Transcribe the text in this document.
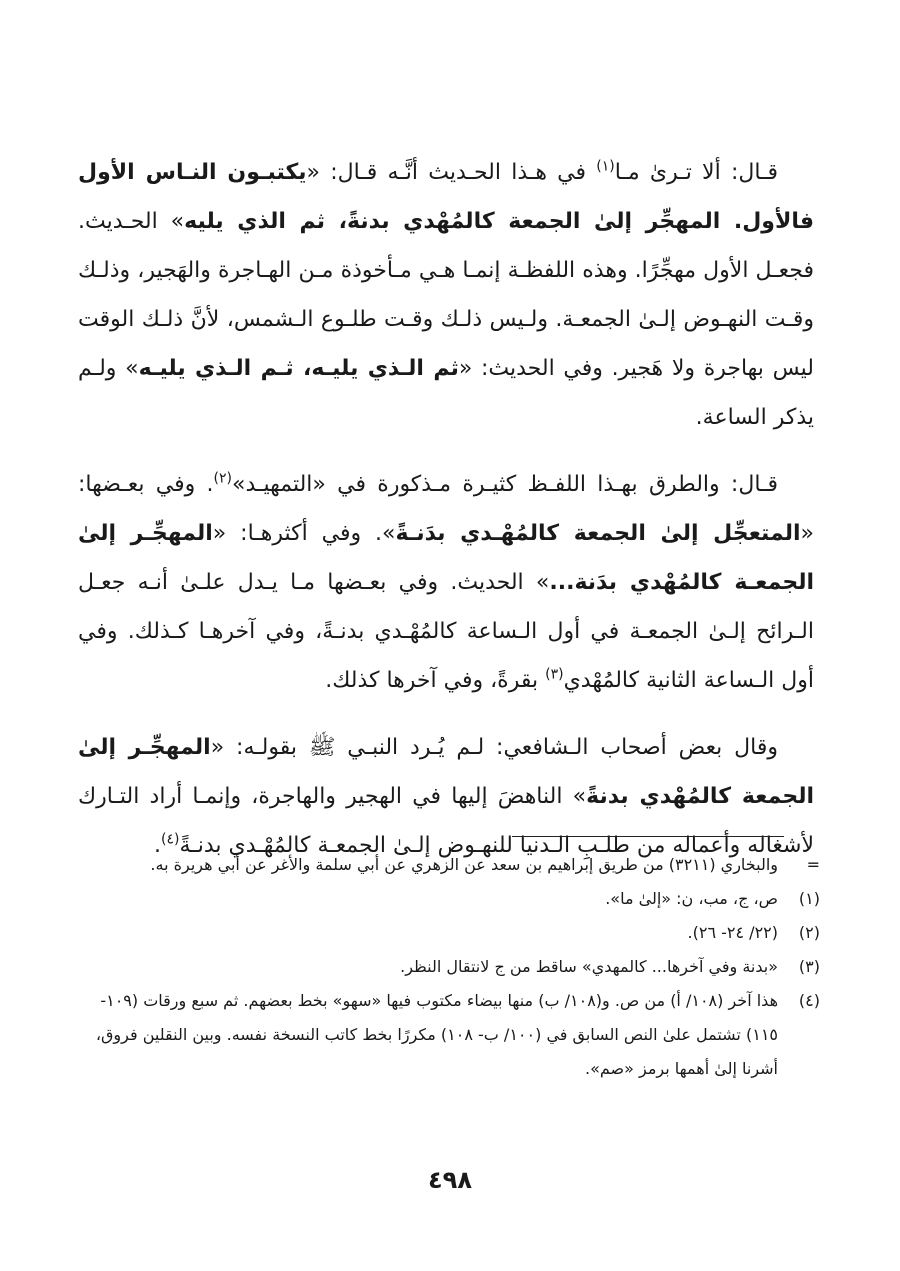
قـال: ألا تـرىٰ مـا$^{(١)}$ في هـذا الحـديث أنَّـه قـال: «يكتبـون النـاس الأول فالأول. المهجِّر إلىٰ الجمعة كالمُهْدي بدنةً، ثم الذي يليه» الحـديث. فجعـل الأول مهجِّرًا. وهذه اللفظـة إنمـا هـي مـأخوذة مـن الهـاجرة والهَجير، وذلـك وقـت النهـوض إلـىٰ الجمعـة. ولـيس ذلـك وقـت طلـوع الـشمس، لأنَّ ذلـك الوقت ليس بهاجرة ولا هَجير. وفي الحديث: «ثم الـذي يليـه، ثـم الـذي يليـه» ولـم يذكر الساعة.

قـال: والطرق بهـذا اللفـظ كثيـرة مـذكورة في «التمهيـد»$^{(٢)}$. وفي بعـضها: «المتعجِّل إلىٰ الجمعة كالمُهْـدي بدَنـةً». وفي أكثرهـا: «المهجِّـر إلىٰ الجمعـة كالمُهْدي بدَنة...» الحديث. وفي بعـضها مـا يـدل علـىٰ أنـه جعـل الـرائح إلـىٰ الجمعـة في أول الـساعة كالمُهْـدي بدنـةً، وفي آخرهـا كـذلك. وفي أول الـساعة الثانية كالمُهْدي$^{(٣)}$ بقرةً، وفي آخرها كذلك.

وقال بعض أصحاب الـشافعي: لـم يُـرد النبـي ﷺ بقولـه: «المهجِّـر إلىٰ الجمعة كالمُهْدي بدنةً» الناهضَ إليها في الهجير والهاجرة، وإنمـا أراد التـارك لأشغاله وأعماله من طلـبِ الـدنيا للنهـوض إلـىٰ الجمعـة كالمُهْـدي بدنـةً$^{(٤)}$.

=
والبخاري (٣٢١١) من طريق إبراهيم بن سعد عن الزهري عن أبي سلمة والأغر عن أبي هريرة به.
(١)
ص، ج، مب، ن: «إلىٰ ما».
(٢)
(٢٢/ ٢٤- ٢٦).
(٣)
«بدنة وفي آخرها... كالمهدي» ساقط من ج لانتقال النظر.
(٤)
هذا آخر (١٠٨/ أ) من ص. و(١٠٨/ ب) منها بيضاء مكتوب فيها «سهو» بخط بعضهم. ثم سبع ورقات (١٠٩- ١١٥) تشتمل علىٰ النص السابق في (١٠٠/ ب- ١٠٨) مكررًا بخط كاتب النسخة نفسه. وبين النقلين فروق، أشرنا إلىٰ أهمها برمز «صم».
٤٩٨
